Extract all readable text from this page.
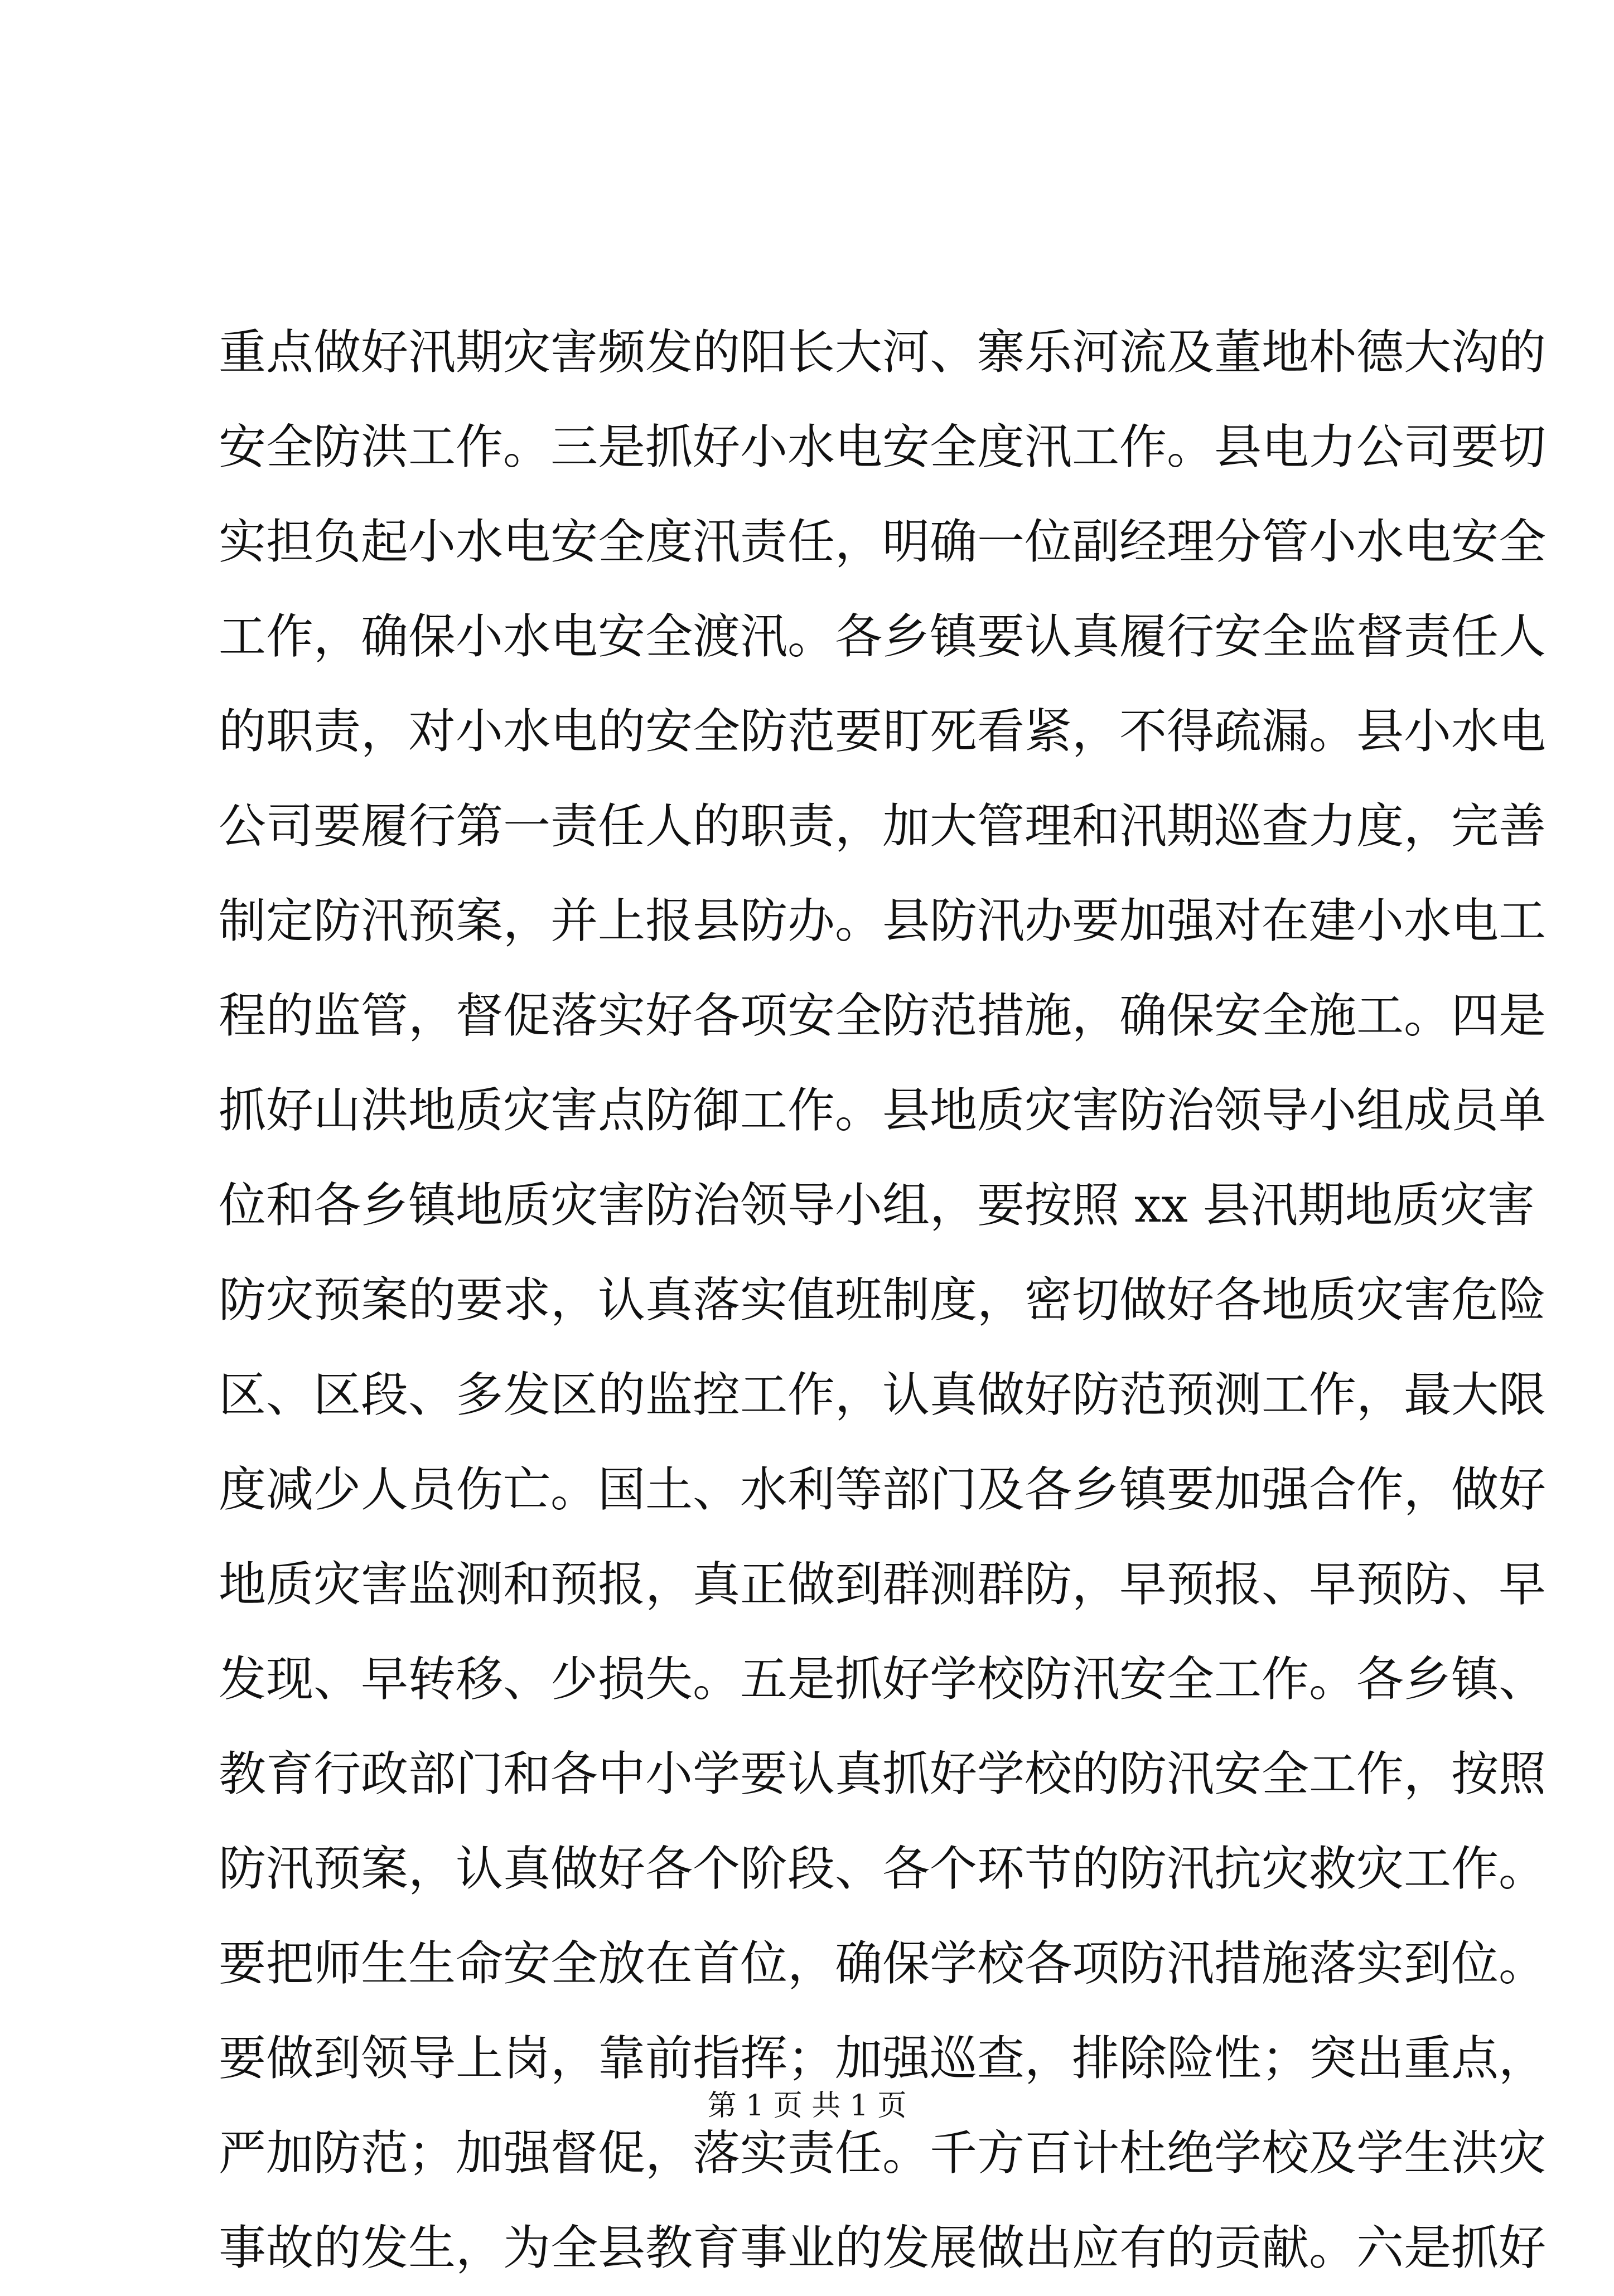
重点做好汛期灾害频发的阳长大河、寨乐河流及董地朴德大沟的
安全防洪工作。三是抓好小水电安全度汛工作。县电力公司要切
实担负起小水电安全度汛责任，明确一位副经理分管小水电安全
工作，确保小水电安全渡汛。各乡镇要认真履行安全监督责任人
的职责，对小水电的安全防范要盯死看紧，不得疏漏。县小水电
公司要履行第一责任人的职责，加大管理和汛期巡查力度，完善
制定防汛预案，并上报县防办。县防汛办要加强对在建小水电工
程的监管，督促落实好各项安全防范措施，确保安全施工。四是
抓好山洪地质灾害点防御工作。县地质灾害防治领导小组成员单
位和各乡镇地质灾害防治领导小组，要按照 xx 县汛期地质灾害
防灾预案的要求，认真落实值班制度，密切做好各地质灾害危险
区、区段、多发区的监控工作，认真做好防范预测工作，最大限
度减少人员伤亡。国土、水利等部门及各乡镇要加强合作，做好
地质灾害监测和预报，真正做到群测群防，早预报、早预防、早
发现、早转移、少损失。五是抓好学校防汛安全工作。各乡镇、
教育行政部门和各中小学要认真抓好学校的防汛安全工作，按照
防汛预案，认真做好各个阶段、各个环节的防汛抗灾救灾工作。
要把师生生命安全放在首位，确保学校各项防汛措施落实到位。
要做到领导上岗，靠前指挥；加强巡查，排除险性；突出重点，
严加防范；加强督促，落实责任。千方百计杜绝学校及学生洪灾
事故的发生，为全县教育事业的发展做出应有的贡献。六是抓好
第 1 页 共 1 页
